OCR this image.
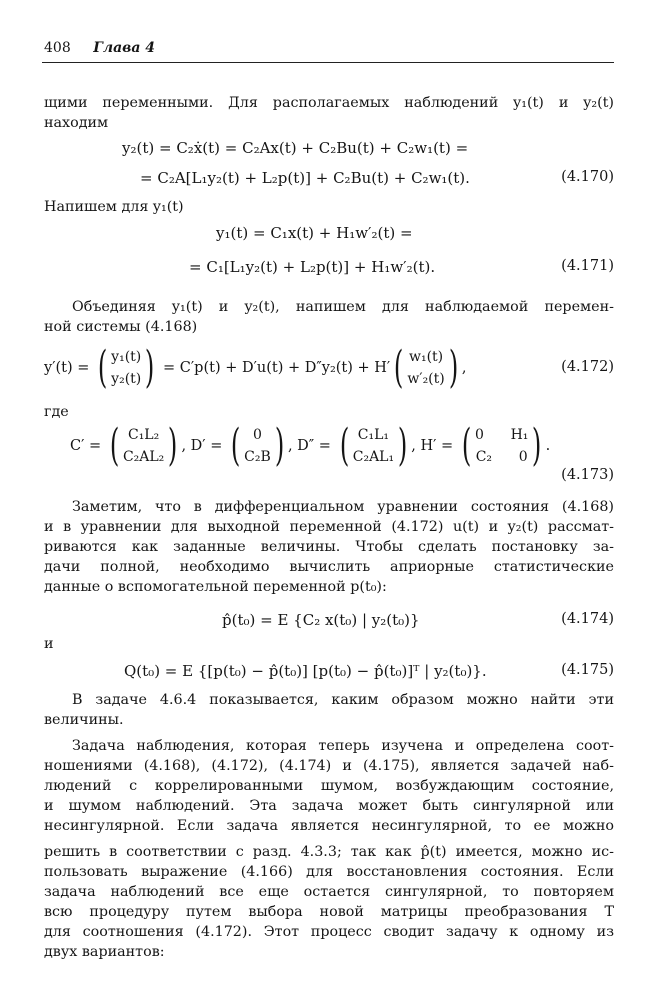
408 Глава 4
щими переменными. Для располагаемых наблюдений y₁(t) и y₂(t)
находим
y₂(t) = C₂ẋ(t) = C₂Ax(t) + C₂Bu(t) + C₂w₁(t) =
= C₂A[L₁y₂(t) + L₂p(t)] + C₂Bu(t) + C₂w₁(t).	(4.170)
Напишем для y₁(t)
y₁(t) = C₁x(t) + H₁w′₂(t) =
= C₁[L₁y₂(t) + L₂p(t)] + H₁w′₂(t).	(4.171)
Объединяя y₁(t) и y₂(t), напишем для наблюдаемой перемен-
ной системы (4.168)
y′(t) = ( y₁(t)
y₂(t)) = C′p(t) + D′u(t) + D″y₂(t) + H′( w₁(t)
w′₂(t)) ,	(4.172)
где
C′ = ( C₁L₂
C₂AL₂) , D′ = ( 0
C₂B) , D″ = ( C₁L₁
C₂AL₁) , H′ = ( 0      H₁
C₂      0 ) .
(4.173)
Заметим, что в дифференциальном уравнении состояния (4.168)
и в уравнении для выходной переменной (4.172) u(t) и y₂(t) рассмат-
риваются как заданные величины. Чтобы сделать постановку за-
дачи полной, необходимо вычислить априорные статистические
данные о вспомогательной переменной p(t₀):
p̂(t₀) = E {C₂ x(t₀) | y₂(t₀)}	(4.174)
и
Q(t₀) = E {[p(t₀) − p̂(t₀)] [p(t₀) − p̂(t₀)]ᵀ | y₂(t₀)}.	(4.175)
В задаче 4.6.4 показывается, каким образом можно найти эти
величины.
Задача наблюдения, которая теперь изучена и определена соот-
ношениями (4.168), (4.172), (4.174) и (4.175), является задачей наб-
людений с коррелированными шумом, возбуждающим состояние,
и шумом наблюдений. Эта задача может быть сингулярной или
несингулярной. Если задача является несингулярной, то ее можно
решить в соответствии с разд. 4.3.3; так как p̂(t) имеется, можно ис-
пользовать выражение (4.166) для восстановления состояния. Если
задача наблюдений все еще остается сингулярной, то повторяем
всю процедуру путем выбора новой матрицы преобразования T
для соотношения (4.172). Этот процесс сводит задачу к одному из
двух вариантов:
